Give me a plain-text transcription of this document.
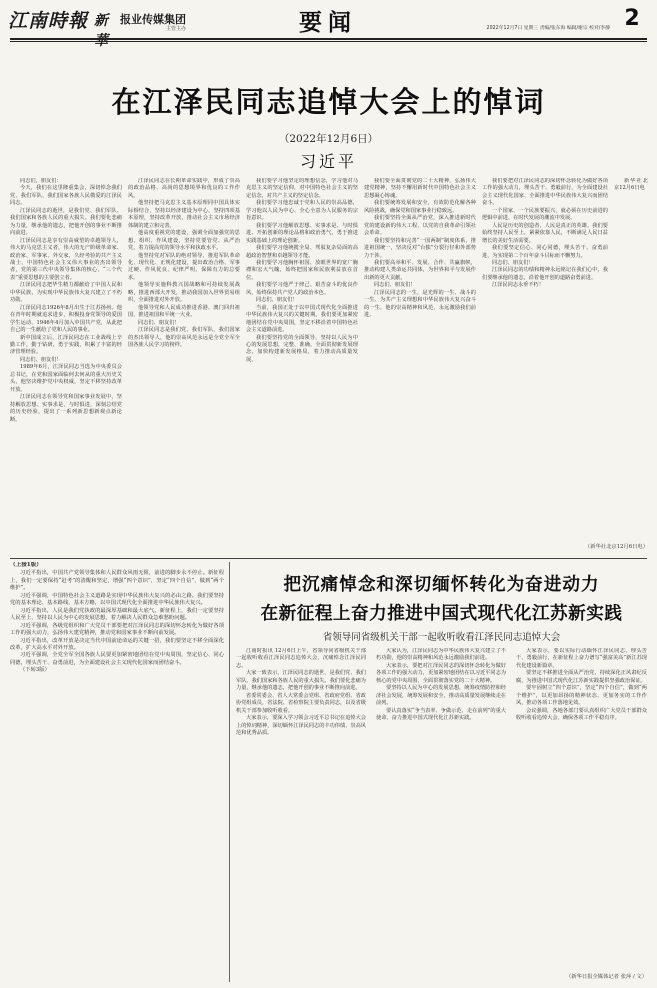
江南時報 新	报业传媒集团
主管主办	要闻	2022年12月7日 星期三 责编/张东海 编辑/谢宗 校对/李静 2
在江泽民同志追悼大会上的悼词
（2022年12月6日）
习近平

同志们，朋友们：

今天，我们在这里隆重集会，深切悼念我们党、我们军队、我们国家各族人民敬爱的江泽民同志。

江泽民同志的逝世，是我们党、我们军队、我们国家和各族人民的重大损失。我们要化悲痛为力量，继承他的遗志，把他开创的事业不断推向前进。

江泽民同志是享有崇高威望的卓越领导人，伟大的马克思主义者，伟大的无产阶级革命家、政治家、军事家、外交家，久经考验的共产主义战士，中国特色社会主义伟大事业的杰出领导者，党的第三代中央领导集体的核心，“三个代表”重要思想的主要创立者。

江泽民同志把毕生精力都献给了中国人民和中华民族，为实现中华民族伟大复兴建立了不朽功勋。

江泽民同志1926年8月出生于江苏扬州。他在青年时期就追求进步，积极投身党领导的爱国学生运动，1946年4月加入中国共产党，从此把自己的一生献给了党和人民的事业。

新中国成立后，江泽民同志在工业战线上辛勤工作，勤于钻研，勇于实践，积累了丰富的经济管理经验。

同志们、朋友们！

1989年6月，江泽民同志当选为中央委员会总书记，在党和国家面临何去何从的重大历史关头，他坚决维护党中央权威，坚定不移坚持改革开放。

江泽民同志在领导党和国家事业发展中，坚持解放思想、实事求是，与时俱进，深刻总结党的历史经验，提出了一系列新思想新观点新论断。

江泽民同志在长期革命实践中，形成了崇高的政治品格、高尚的思想境界和优良的工作作风。

他坚持把马克思主义基本原理同中国具体实际相结合，坚持以经济建设为中心，坚持四项基本原理，坚持改革开放，推动社会主义市场经济体制的建立和完善。

他高度重视党的建设，强调全面加强党的思想、组织、作风建设，坚持党要管党、从严治党，着力提高党的领导水平和执政水平。

他坚持党对军队的绝对领导，推进军队革命化、现代化、正规化建设，提出政治合格、军事过硬、作风优良、纪律严明、保障有力的总要求。

他领导实施科教兴国战略和可持续发展战略，推进西部大开发，推动我国加入世界贸易组织，全面推进对外开放。

他领导党和人民成功推进香港、澳门回归祖国，推进祖国和平统一大业。

同志们、朋友们！

江泽民同志是我们党、我们军队、我们国家的杰出领导人，他的崇高风范永远是全党全军全国各族人民学习的榜样。

我们要学习他坚定的理想信念，学习他对马克思主义的坚定信仰，对中国特色社会主义的坚定信念，对共产主义的坚定信念。

我们要学习他忠诚于党和人民的崇高品德，学习他以人民为中心、全心全意为人民服务的宗旨意识。

我们要学习他解放思想、实事求是、与时俱进、开拓创新的理论品格和政治勇气，勇于推进实践基础上的理论创新。

我们要学习他统揽全局、驾驭复杂局面的高超政治智慧和卓越领导才能。

我们要学习他胸怀祖国、放眼世界的宽广胸襟和宏大气魄，始终把国家和民族利益放在首位。

我们要学习他严于律己、艰苦奋斗的优良作风，始终保持共产党人的政治本色。

同志们、朋友们！

当前，我国正处于以中国式现代化全面推进中华民族伟大复兴的关键时期。我们要更加紧密地团结在党中央周围，坚定不移沿着中国特色社会主义道路前进。

我们要坚持党的全面领导，坚持以人民为中心的发展思想，完整、准确、全面贯彻新发展理念，加快构建新发展格局，着力推动高质量发展。

我们要全面贯彻党的二十大精神，弘扬伟大建党精神，坚持不懈用新时代中国特色社会主义思想凝心铸魂。

我们要统筹发展和安全，有效防范化解各种风险挑战，确保党和国家事业行稳致远。

我们要坚持全面从严治党，深入推进新时代党的建设新的伟大工程，以党的自我革命引领社会革命。

我们要坚持和完善“一国两制”制度体系，推进祖国统一，坚决反对“台独”分裂行径和外部势力干涉。

我们要高举和平、发展、合作、共赢旗帜，推动构建人类命运共同体，为世界和平与发展作出新的更大贡献。

同志们、朋友们！

江泽民同志的一生，是光辉的一生、战斗的一生、为共产主义理想和中华民族伟大复兴奋斗的一生。他的崇高精神和风范，永远激励我们前进。

我们要把对江泽民同志的深切怀念转化为做好各项工作的强大动力，埋头苦干、勇毅前行，为全面建设社会主义现代化国家、全面推进中华民族伟大复兴而团结奋斗。

一个国家、一个民族要振兴，就必须在历史前进的逻辑中前进，在时代发展的潮流中发展。

人民是历史的创造者，人民是真正的英雄。我们要始终坚持人民至上，紧紧依靠人民，不断满足人民日益增长的美好生活需要。

我们要坚定信心、同心同德，埋头苦干、奋勇前进，为实现第二个百年奋斗目标而不懈努力。

同志们、朋友们！

江泽民同志的功绩和精神永远铭记在我们心中，我们要继承他的遗志，沿着他开创的道路奋勇前进。

江泽民同志永垂不朽！

新华社北京12月6日电

（新华社北京12月6日电）
（上接1版）

习近平指出，中国共产党领导集体和人民群众风雨无阻，前进的脚步永不停止。新征程上，我们一定要保持“赶考”的清醒和坚定，增强“四个意识”，坚定“四个自信”，做到“两个维护”。

习近平强调，中国特色社会主义道路是实现中华民族伟大复兴的必由之路。我们要坚持党的基本理论、基本路线、基本方略，以中国式现代化全面推进中华民族伟大复兴。

习近平指出，人民是我们党执政的最深厚基础和最大底气。新征程上，我们一定要坚持人民至上，坚持以人民为中心的发展思想，着力解决人民群众急难愁盼问题。

习近平强调，各级党组织和广大党员干部要把对江泽民同志的深切怀念转化为做好各项工作的强大动力，弘扬伟大建党精神，推动党和国家事业不断向前发展。

习近平指出，改革开放是决定当代中国前途命运的关键一招，我们要坚定不移全面深化改革，扩大高水平对外开放。

习近平强调，全党全军全国各族人民要更加紧密地团结在党中央周围，坚定信心、同心同德，埋头苦干、奋勇前进，为全面建设社会主义现代化国家而团结奋斗。

（下转3版）

把沉痛悼念和深切缅怀转化为奋进动力
在新征程上奋力推进中国式现代化江苏新实践
省领导同省级机关干部一起收听收看江泽民同志追悼大会

江南时报讯 12月6日上午，省领导同省级机关干部一起收听收看江泽民同志追悼大会，沉痛悼念江泽民同志。

大家一致表示，江泽民同志的逝世，是我们党、我们军队、我们国家和各族人民的重大损失。我们要化悲痛为力量，继承他的遗志，把他开创的事业不断推向前进。

省委常委会、省人大常委会党组、省政府党组、省政协党组成员，省法院、省检察院主要负责同志，以及省级机关干部参加收听收看。

大家表示，要深入学习领会习近平总书记在追悼大会上的悼词精神，深切缅怀江泽民同志的丰功伟绩、崇高风范和优秀品质。

大家认为，江泽民同志为中华民族伟大复兴建立了不朽功勋，他的崇高精神和风范永远激励我们前进。

大家表示，要把对江泽民同志的深切怀念转化为做好各项工作的强大动力，更加紧密地团结在以习近平同志为核心的党中央周围，全面贯彻落实党的二十大精神。

要坚持以人民为中心的发展思想，统筹疫情防控和经济社会发展，统筹发展和安全，推动高质量发展继续走在前列。

要认真落实“争当表率、争做示范、走在前列”的重大使命，奋力推进中国式现代化江苏新实践。

大家表示，要以实际行动缅怀江泽民同志，埋头苦干、勇毅前行，在新征程上奋力谱写“强富美高”新江苏现代化建设新篇章。

要坚定不移推进全面从严治党，持续深化正风肃纪反腐，为推进中国式现代化江苏新实践提供坚强政治保证。

要牢固树立“四个意识”，坚定“四个自信”，做到“两个维护”，以更加昂扬的精神状态、更加务实的工作作风，推动各项工作落地见效。

会议强调，各地各部门要认真组织广大党员干部群众收听收看追悼大会，确保各项工作平稳有序。

（新华日报全媒体记者 张萍 / 文）
